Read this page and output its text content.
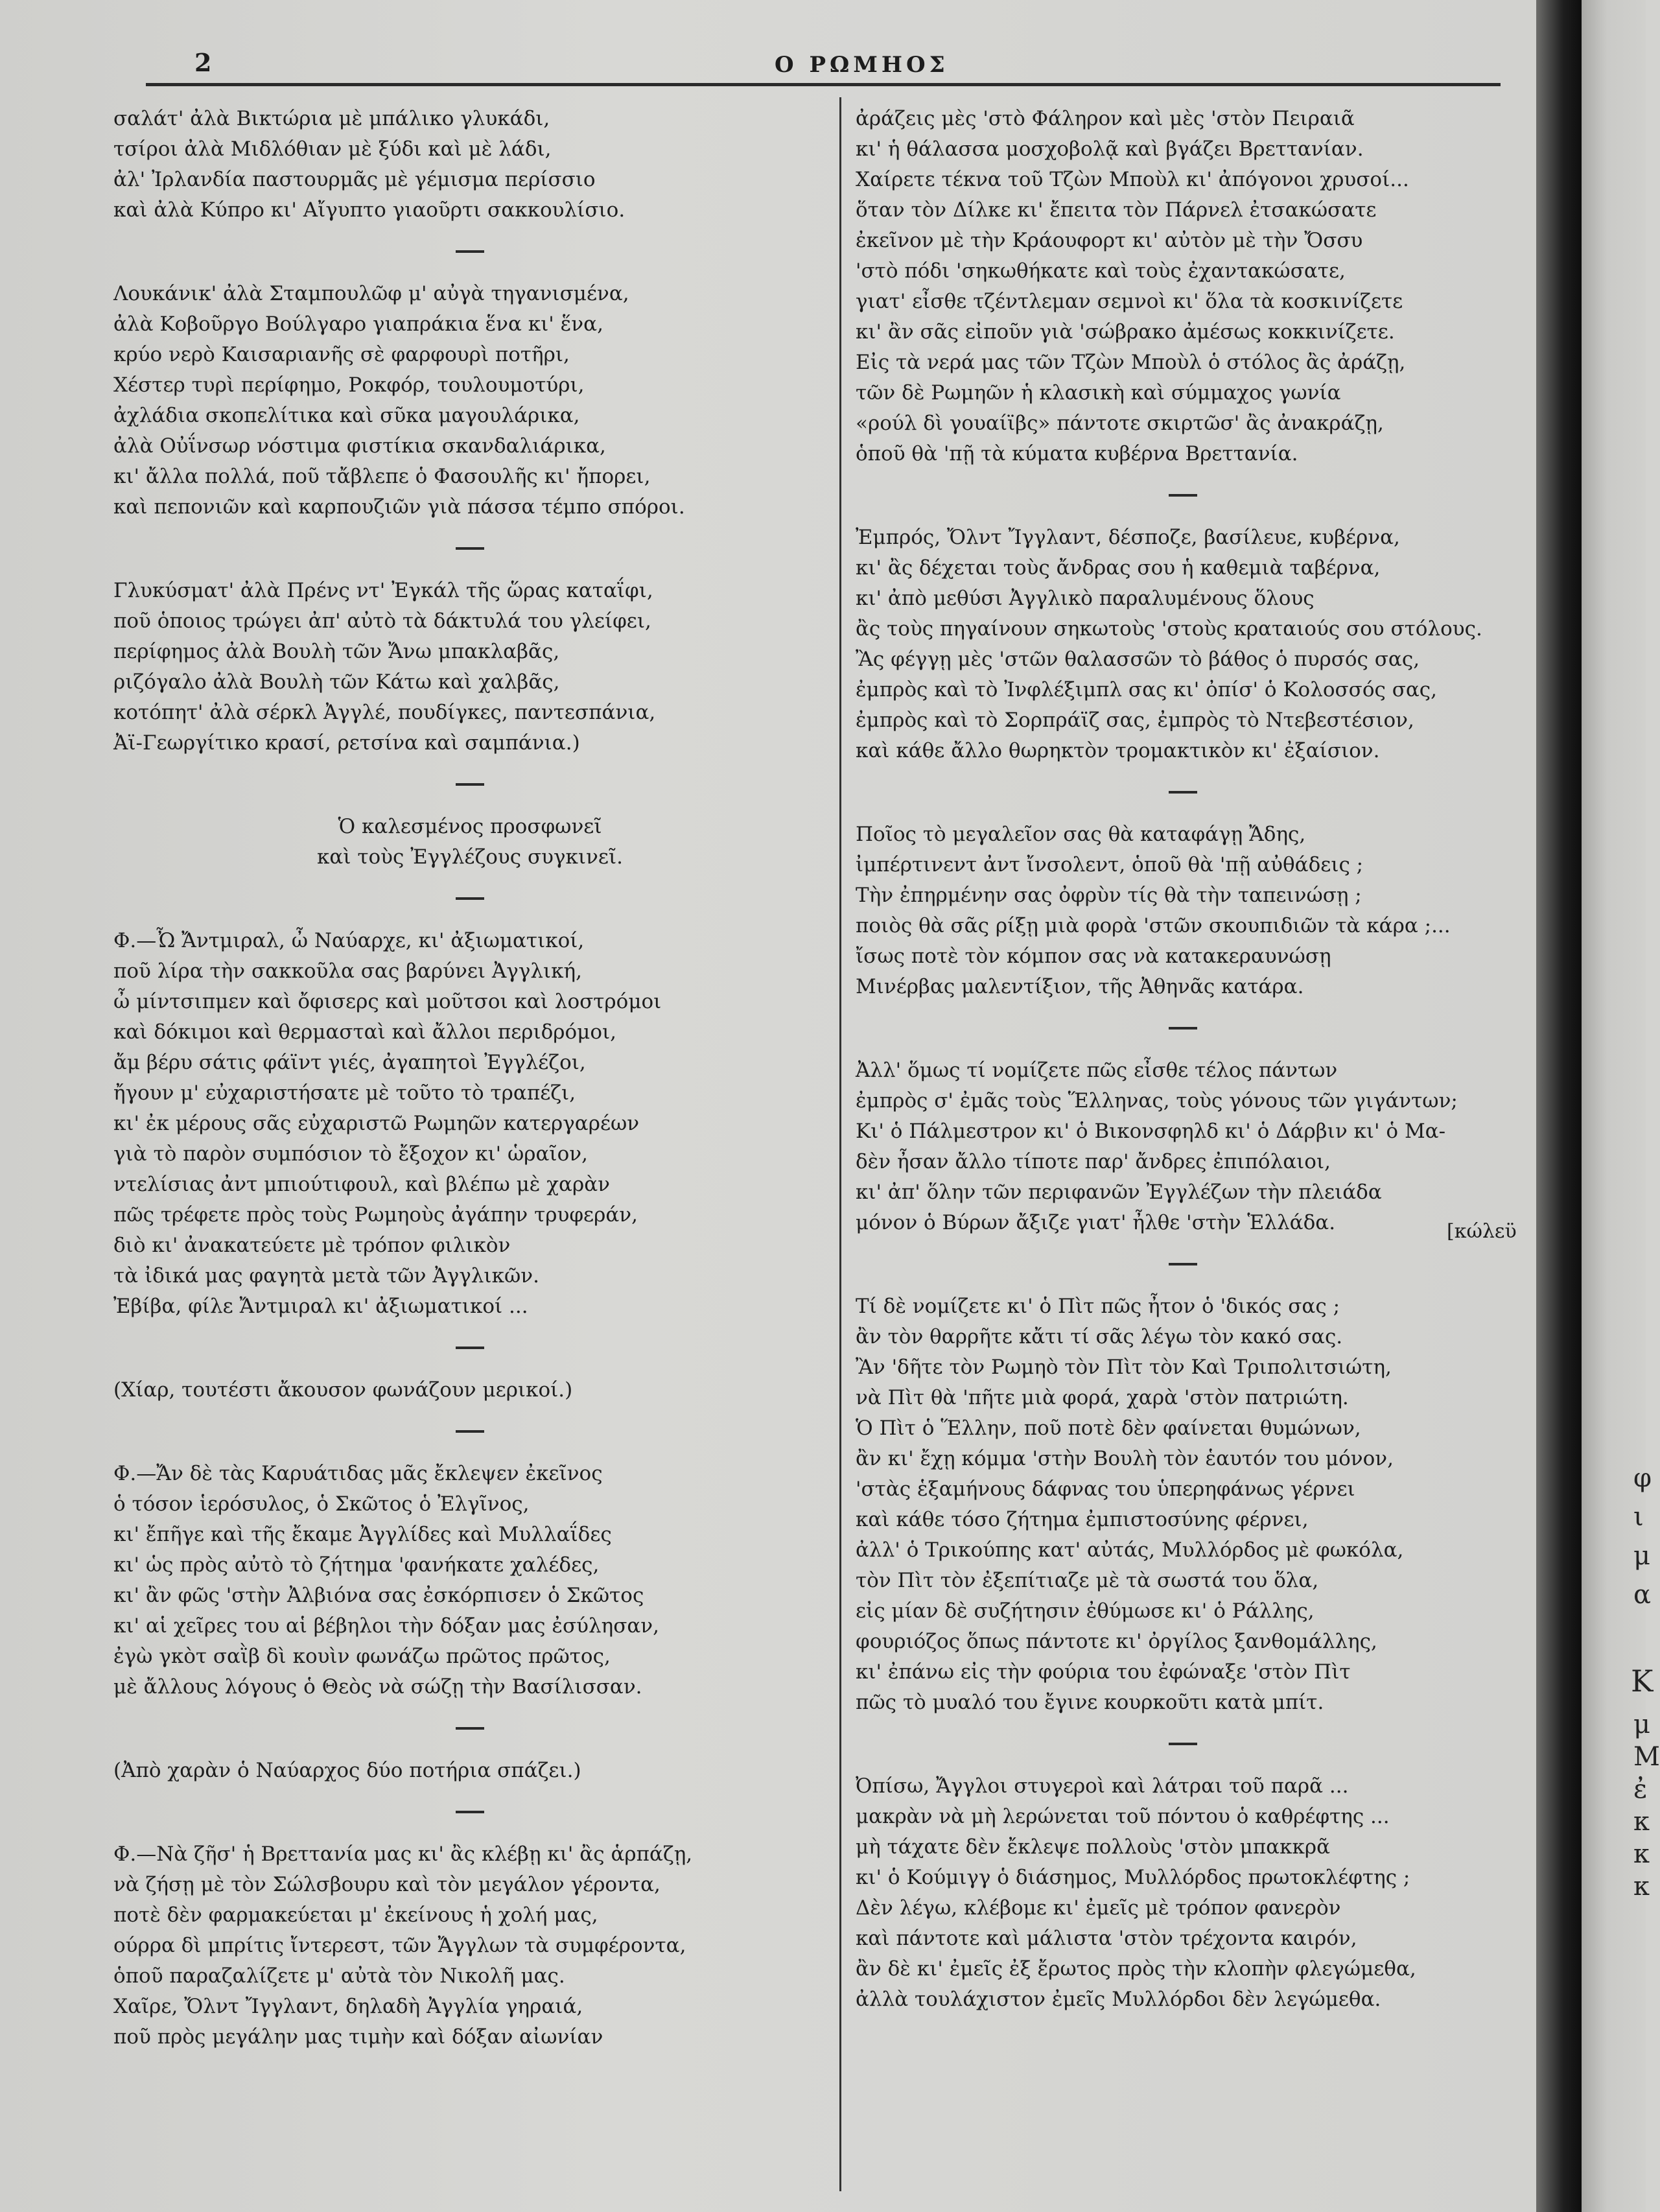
2	Ο ΡΩΜΗΟΣ
σαλάτ' ἀλὰ Βικτώρια μὲ μπάλικο γλυκάδι,
τσίροι ἀλὰ Μιδλόθιαν μὲ ξύδι καὶ μὲ λάδι,
ἀλ' Ἰρλανδία παστουρμᾶς μὲ γέμισμα περίσσιο
καὶ ἀλὰ Κύπρο κι' Αἴγυπτο γιαοῦρτι σακκουλίσιο.
Λουκάνικ' ἀλὰ Σταμπουλῶφ μ' αὐγὰ τηγανισμένα,
ἀλὰ Κοβοῦργο Βούλγαρο γιαπράκια ἕνα κι' ἕνα,
κρύο νερὸ Καισαριανῆς σὲ φαρφουρὶ ποτῆρι,
Χέστερ τυρὶ περίφημο, Ροκφόρ, τουλουμοτύρι,
ἀχλάδια σκοπελίτικα καὶ σῦκα μαγουλάρικα,
ἀλὰ Οὐΐνσωρ νόστιμα φιστίκια σκανδαλιάρικα,
κι' ἄλλα πολλά, ποῦ τἄβλεπε ὁ Φασουλῆς κι' ἤπορει,
καὶ πεπονιῶν καὶ καρπουζιῶν γιὰ πάσσα τέμπο σπόροι.
Γλυκύσματ' ἀλὰ Πρένς ντ' Ἐγκάλ τῆς ὥρας καταΐφι,
ποῦ ὁποιος τρώγει ἀπ' αὐτὸ τὰ δάκτυλά του γλείφει,
περίφημος ἀλὰ Βουλὴ τῶν Ἄνω μπακλαβᾶς,
ριζόγαλο ἀλὰ Βουλὴ τῶν Κάτω καὶ χαλβᾶς,
κοτόπητ' ἀλὰ σέρκλ Ἀγγλέ, πουδίγκες, παντεσπάνια,
Ἀϊ-Γεωργίτικο κρασί, ρετσίνα καὶ σαμπάνια.)
Ὁ καλεσμένος προσφωνεῖ
καὶ τοὺς Ἐγγλέζους συγκινεῖ.
Φ.—Ὦ Ἄντμιραλ, ὦ Ναύαρχε, κι' ἀξιωματικοί,
ποῦ λίρα τὴν σακκοῦλα σας βαρύνει Ἀγγλική,
ὦ μίντσιπμεν καὶ ὄφισερς καὶ μοῦτσοι καὶ λοστρόμοι
καὶ δόκιμοι καὶ θερμασταὶ καὶ ἄλλοι περιδρόμοι,
ἄμ βέρυ σάτις φάϊντ γιές, ἀγαπητοὶ Ἐγγλέζοι,
ἤγουν μ' εὐχαριστήσατε μὲ τοῦτο τὸ τραπέζι,
κι' ἐκ μέρους σᾶς εὐχαριστῶ Ρωμηῶν κατεργαρέων
γιὰ τὸ παρὸν συμπόσιον τὸ ἔξοχον κι' ὡραῖον,
ντελίσιας ἀντ μπιούτιφουλ, καὶ βλέπω μὲ χαρὰν
πῶς τρέφετε πρὸς τοὺς Ρωμηοὺς ἀγάπην τρυφεράν,
διὸ κι' ἀνακατεύετε μὲ τρόπον φιλικὸν
τὰ ἰδικά μας φαγητὰ μετὰ τῶν Ἀγγλικῶν.
Ἐβίβα, φίλε Ἄντμιραλ κι' ἀξιωματικοί ...
(Χίαρ, τουτέστι ἄκουσον φωνάζουν μερικοί.)
Φ.—Ἄν δὲ τὰς Καρυάτιδας μᾶς ἔκλεψεν ἐκεῖνος
ὁ τόσον ἱερόσυλος, ὁ Σκῶτος ὁ Ἐλγῖνος,
κι' ἔπῆγε καὶ τῆς ἔκαμε Ἀγγλίδες καὶ Μυλλαΐδες
κι' ὡς πρὸς αὐτὸ τὸ ζήτημα 'φανήκατε χαλέδες,
κι' ἂν φῶς 'στὴν Ἀλβιόνα σας ἐσκόρπισεν ὁ Σκῶτος
κι' αἱ χεῖρες του αἱ βέβηλοι τὴν δόξαν μας ἐσύλησαν,
ἐγὼ γκὸτ σαῒβ δὶ κουὶν φωνάζω πρῶτος πρῶτος,
μὲ ἄλλους λόγους ὁ Θεὸς νὰ σώζῃ τὴν Βασίλισσαν.
(Ἀπὸ χαρὰν ὁ Ναύαρχος δύο ποτήρια σπάζει.)
Φ.—Νὰ ζῆσ' ἡ Βρεττανία μας κι' ἂς κλέβῃ κι' ἂς ἁρπάζῃ,
νὰ ζήσῃ μὲ τὸν Σώλσβουρυ καὶ τὸν μεγάλον γέροντα,
ποτὲ δὲν φαρμακεύεται μ' ἐκείνους ἡ χολή μας,
ούρρα δὶ μπρίτις ἴντερεστ, τῶν Ἄγγλων τὰ συμφέροντα,
ὁποῦ παραζαλίζετε μ' αὐτὰ τὸν Νικολῆ μας.
Χαῖρε, Ὄλντ Ἴγγλαντ, δηλαδὴ Ἀγγλία γηραιά,
ποῦ πρὸς μεγάλην μας τιμὴν καὶ δόξαν αἰωνίαν
ἀράζεις μὲς 'στὸ Φάληρον καὶ μὲς 'στὸν Πειραιᾶ
κι' ἡ θάλασσα μοσχοβολᾷ καὶ βγάζει Βρεττανίαν.
Χαίρετε τέκνα τοῦ Τζὼν Μποὺλ κι' ἀπόγονοι χρυσοί...
ὅταν τὸν Δίλκε κι' ἔπειτα τὸν Πάρνελ ἐτσακώσατε
ἐκεῖνον μὲ τὴν Κράουφορτ κι' αὐτὸν μὲ τὴν Ὄσσυ
'στὸ πόδι 'σηκωθήκατε καὶ τοὺς ἐχαντακώσατε,
γιατ' εἶσθε τζέντλεμαν σεμνοὶ κι' ὅλα τὰ κοσκινίζετε
κι' ἂν σᾶς εἰποῦν γιὰ 'σώβρακο ἀμέσως κοκκινίζετε.
Εἰς τὰ νερά μας τῶν Τζὼν Μποὺλ ὁ στόλος ἂς ἀράζῃ,
τῶν δὲ Ρωμηῶν ἡ κλασικὴ καὶ σύμμαχος γωνία
«ρούλ δὶ γουαίϊβς» πάντοτε σκιρτῶσ' ἂς ἀνακράζῃ,
ὁποῦ θὰ 'πῇ τὰ κύματα κυβέρνα Βρεττανία.
Ἐμπρός, Ὄλντ Ἴγγλαντ, δέσποζε, βασίλευε, κυβέρνα,
κι' ἂς δέχεται τοὺς ἄνδρας σου ἡ καθεμιὰ ταβέρνα,
κι' ἀπὸ μεθύσι Ἀγγλικὸ παραλυμένους ὅλους
ἂς τοὺς πηγαίνουν σηκωτοὺς 'στοὺς κραταιούς σου στόλους.
Ἂς φέγγῃ μὲς 'στῶν θαλασσῶν τὸ βάθος ὁ πυρσός σας,
ἐμπρὸς καὶ τὸ Ἰνφλέξιμπλ σας κι' ὀπίσ' ὁ Κολοσσός σας,
ἐμπρὸς καὶ τὸ Σορπράϊζ σας, ἐμπρὸς τὸ Ντεβεστέσιον,
καὶ κάθε ἄλλο θωρηκτὸν τρομακτικὸν κι' ἐξαίσιον.
Ποῖος τὸ μεγαλεῖον σας θὰ καταφάγῃ Ἄδης,
ἰμπέρτινεντ ἀντ ἴνσολεντ, ὁποῦ θὰ 'πῇ αὐθάδεις ;
Τὴν ἐπηρμένην σας ὀφρὺν τίς θὰ τὴν ταπεινώσῃ ;
ποιὸς θὰ σᾶς ρίξῃ μιὰ φορὰ 'στῶν σκουπιδιῶν τὰ κάρα ;...
ἴσως ποτὲ τὸν κόμπον σας νὰ κατακεραυνώσῃ
Μινέρβας μαλεντίξιον, τῆς Ἀθηνᾶς κατάρα.
Ἀλλ' ὅμως τί νομίζετε πῶς εἶσθε τέλος πάντων
ἐμπρὸς σ' ἐμᾶς τοὺς Ἕλληνας, τοὺς γόνους τῶν γιγάντων;
Κι' ὁ Πάλμεστρον κι' ὁ Βικονσφηλδ κι' ὁ Δάρβιν κι' ὁ Μα-
δὲν ἦσαν ἄλλο τίποτε παρ' ἄνδρες ἐπιπόλαιοι,
κι' ἀπ' ὅλην τῶν περιφανῶν Ἐγγλέζων τὴν πλειάδα
μόνον ὁ Βύρων ἄξιζε γιατ' ἦλθε 'στὴν Ἑλλάδα.
Τί δὲ νομίζετε κι' ὁ Πὶτ πῶς ἦτον ὁ 'δικός σας ;
ἂν τὸν θαρρῆτε κἄτι τί σᾶς λέγω τὸν κακό σας.
Ἂν 'δῆτε τὸν Ρωμηὸ τὸν Πὶτ τὸν Καὶ Τριπολιτσιώτη,
νὰ Πὶτ θὰ 'πῆτε μιὰ φορά, χαρὰ 'στὸν πατριώτη.
Ὁ Πὶτ ὁ Ἕλλην, ποῦ ποτὲ δὲν φαίνεται θυμώνων,
ἂν κι' ἔχῃ κόμμα 'στὴν Βουλὴ τὸν ἑαυτόν του μόνον,
'στὰς ἑξαμήνους δάφνας του ὑπερηφάνως γέρνει
καὶ κάθε τόσο ζήτημα ἐμπιστοσύνης φέρνει,
ἀλλ' ὁ Τρικούπης κατ' αὐτάς, Μυλλόρδος μὲ φωκόλα,
τὸν Πὶτ τὸν ἐξεπίτιαζε μὲ τὰ σωστά του ὅλα,
εἰς μίαν δὲ συζήτησιν ἐθύμωσε κι' ὁ Ράλλης,
φουριόζος ὅπως πάντοτε κι' ὀργίλος ξανθομάλλης,
κι' ἐπάνω εἰς τὴν φούρια του ἐφώναξε 'στὸν Πὶτ
πῶς τὸ μυαλό του ἔγινε κουρκοῦτι κατὰ μπίτ.
Ὀπίσω, Ἄγγλοι στυγεροὶ καὶ λάτραι τοῦ παρᾶ ...
μακρὰν νὰ μὴ λερώνεται τοῦ πόντου ὁ καθρέφτης ...
μὴ τάχατε δὲν ἔκλεψε πολλοὺς 'στὸν μπακκρᾶ
κι' ὁ Κούμιγγ ὁ διάσημος, Μυλλόρδος πρωτοκλέφτης ;
Δὲν λέγω, κλέβομε κι' ἐμεῖς μὲ τρόπον φανερὸν
καὶ πάντοτε καὶ μάλιστα 'στὸν τρέχοντα καιρόν,
ἂν δὲ κι' ἐμεῖς ἐξ ἔρωτος πρὸς τὴν κλοπὴν φλεγώμεθα,
ἀλλὰ τουλάχιστον ἐμεῖς Μυλλόρδοι δὲν λεγώμεθα.
[κώλεϋ
φ
ι
μ
α
Κ
μ
Μ
ἐ
κ
κ
κ
